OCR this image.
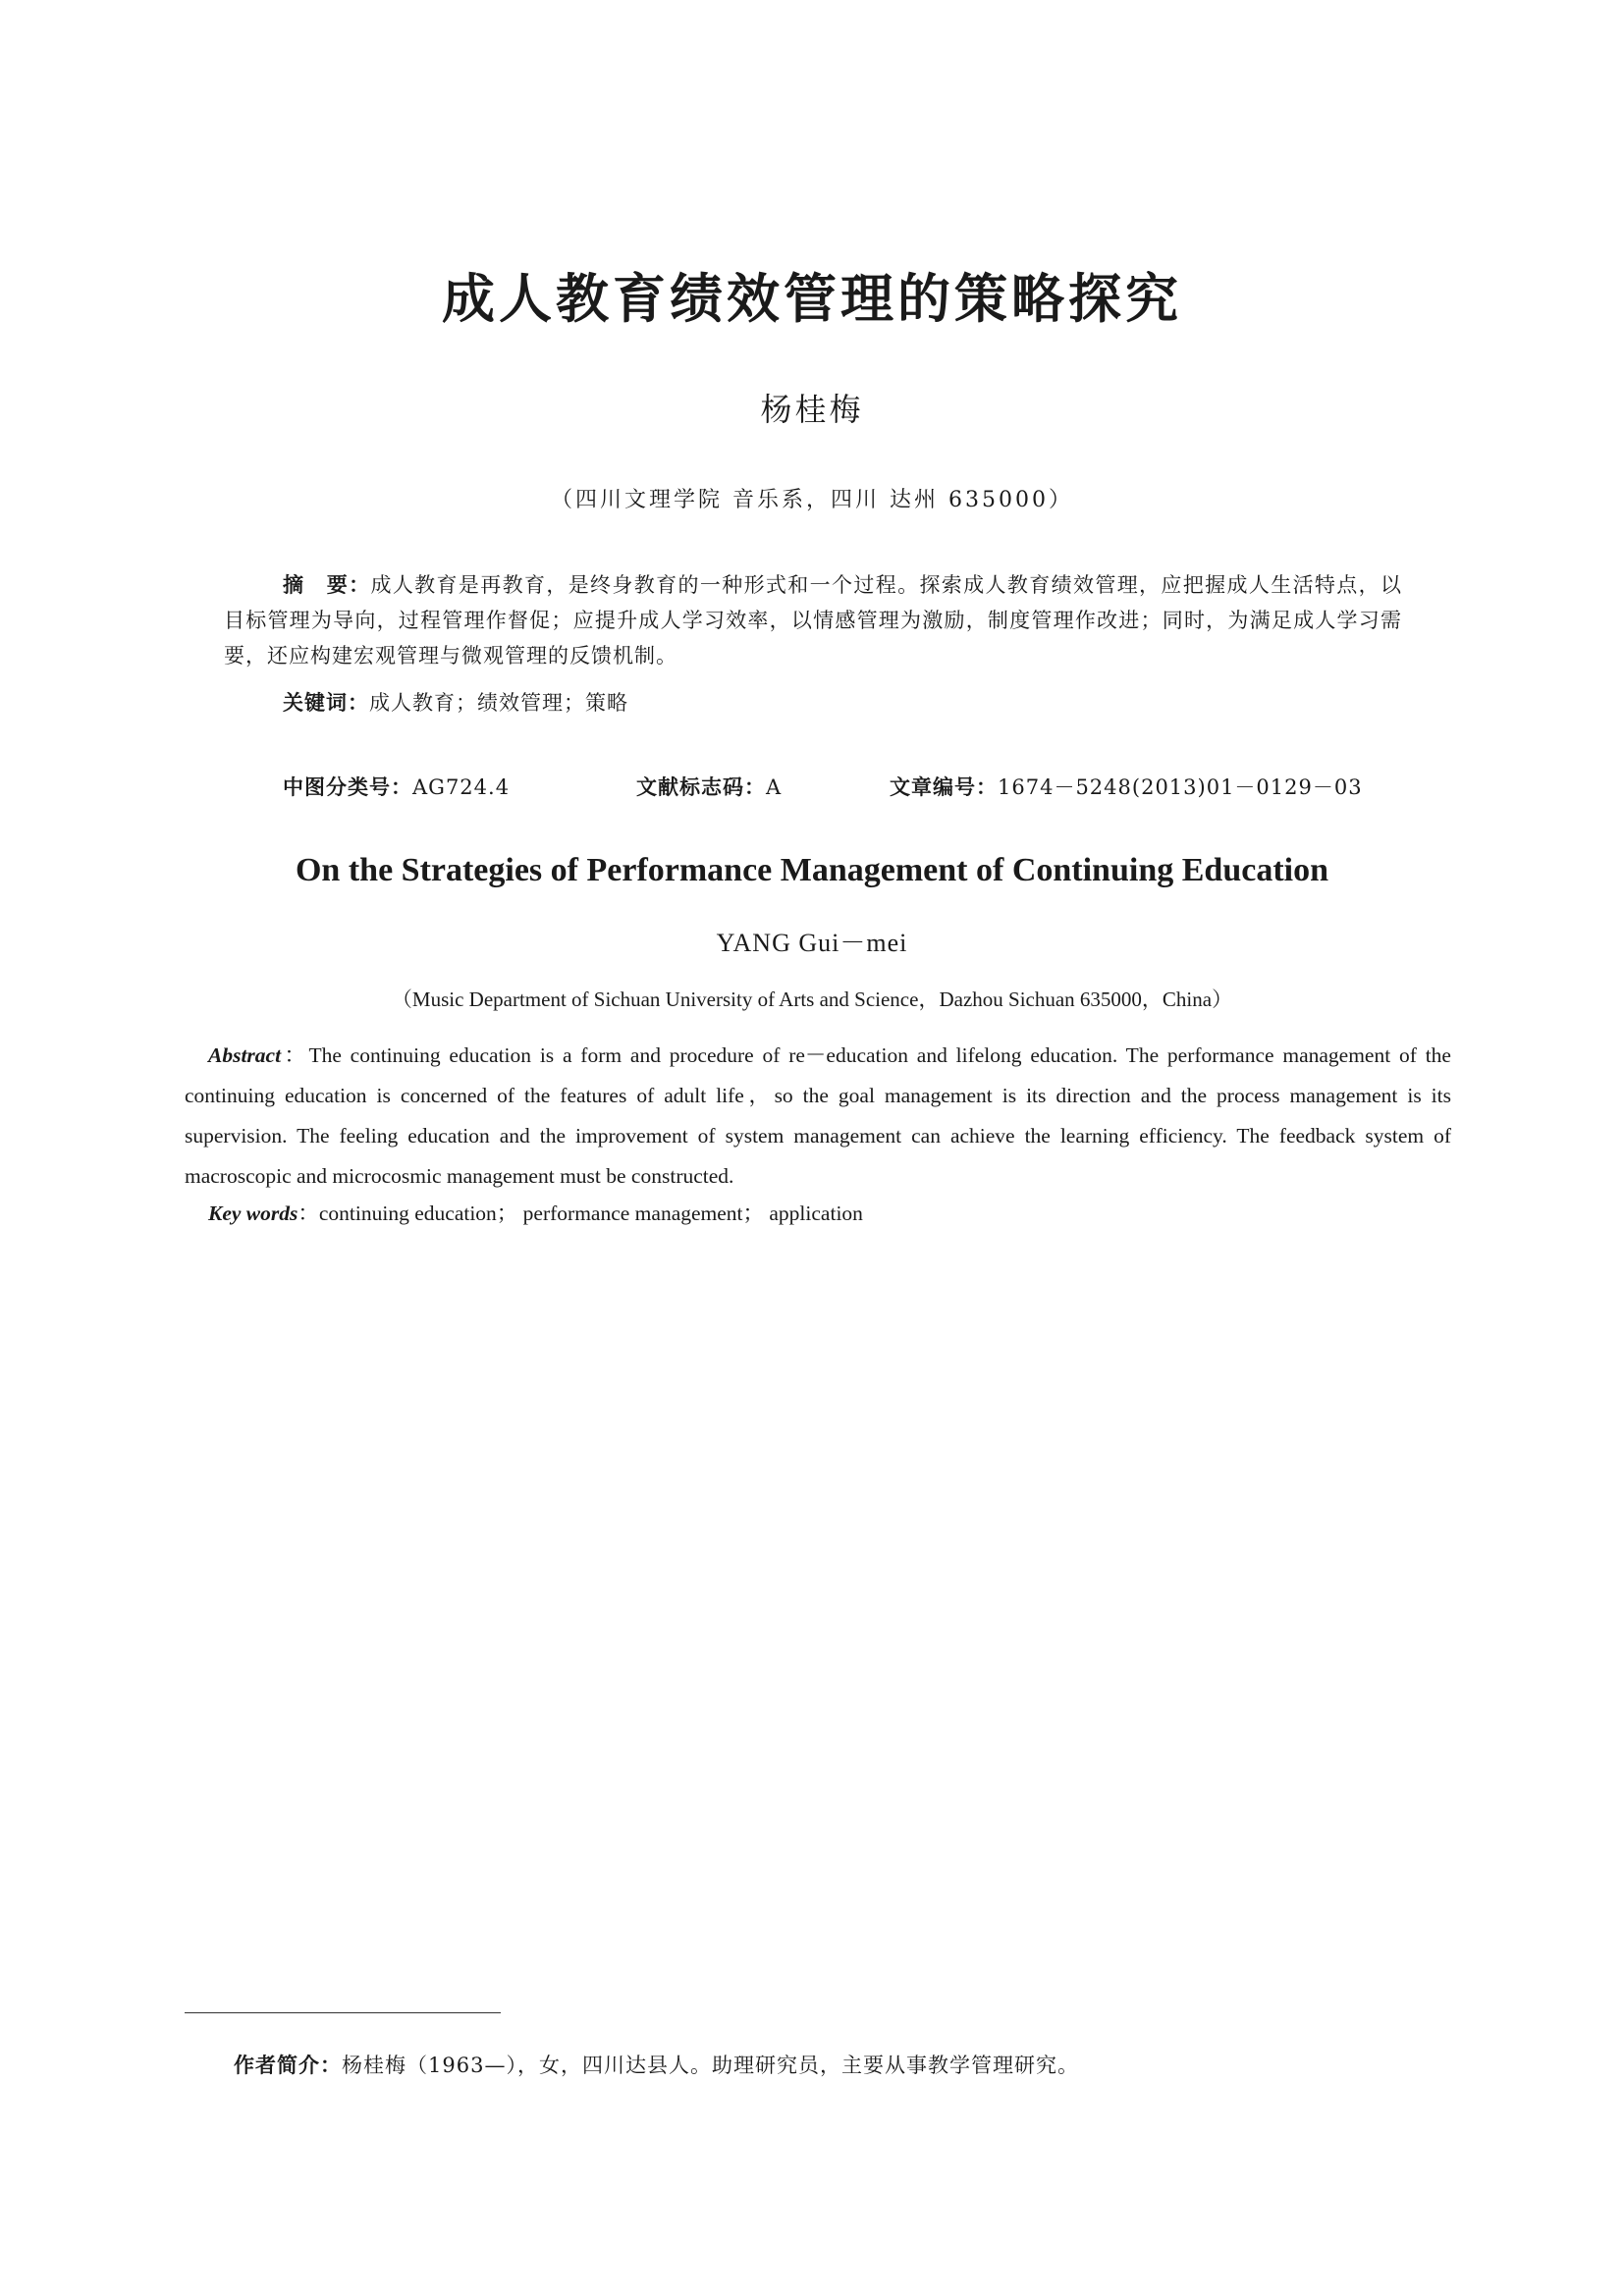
成人教育绩效管理的策略探究
杨桂梅
（四川文理学院 音乐系，四川 达州 635000）
摘　要：成人教育是再教育，是终身教育的一种形式和一个过程。探索成人教育绩效管理，应把握成人生活特点，以目标管理为导向，过程管理作督促；应提升成人学习效率，以情感管理为激励，制度管理作改进；同时，为满足成人学习需要，还应构建宏观管理与微观管理的反馈机制。
关键词：成人教育；绩效管理；策略
中图分类号：AG724.4	文献标志码：A	文章编号：1674－5248(2013)01－0129－03
On the Strategies of Performance Management of Continuing Education
YANG Gui－mei
（Music Department of Sichuan University of Arts and Science，Dazhou Sichuan 635000，China）
Abstract：The continuing education is a form and procedure of re－education and lifelong education. The performance management of the continuing education is concerned of the features of adult life，so the goal management is its direction and the process management is its supervision. The feeling education and the improvement of system management can achieve the learning efficiency. The feedback system of macroscopic and microcosmic management must be constructed.
Key words：continuing education； performance management； application
作者简介：杨桂梅（1963—），女，四川达县人。助理研究员，主要从事教学管理研究。
